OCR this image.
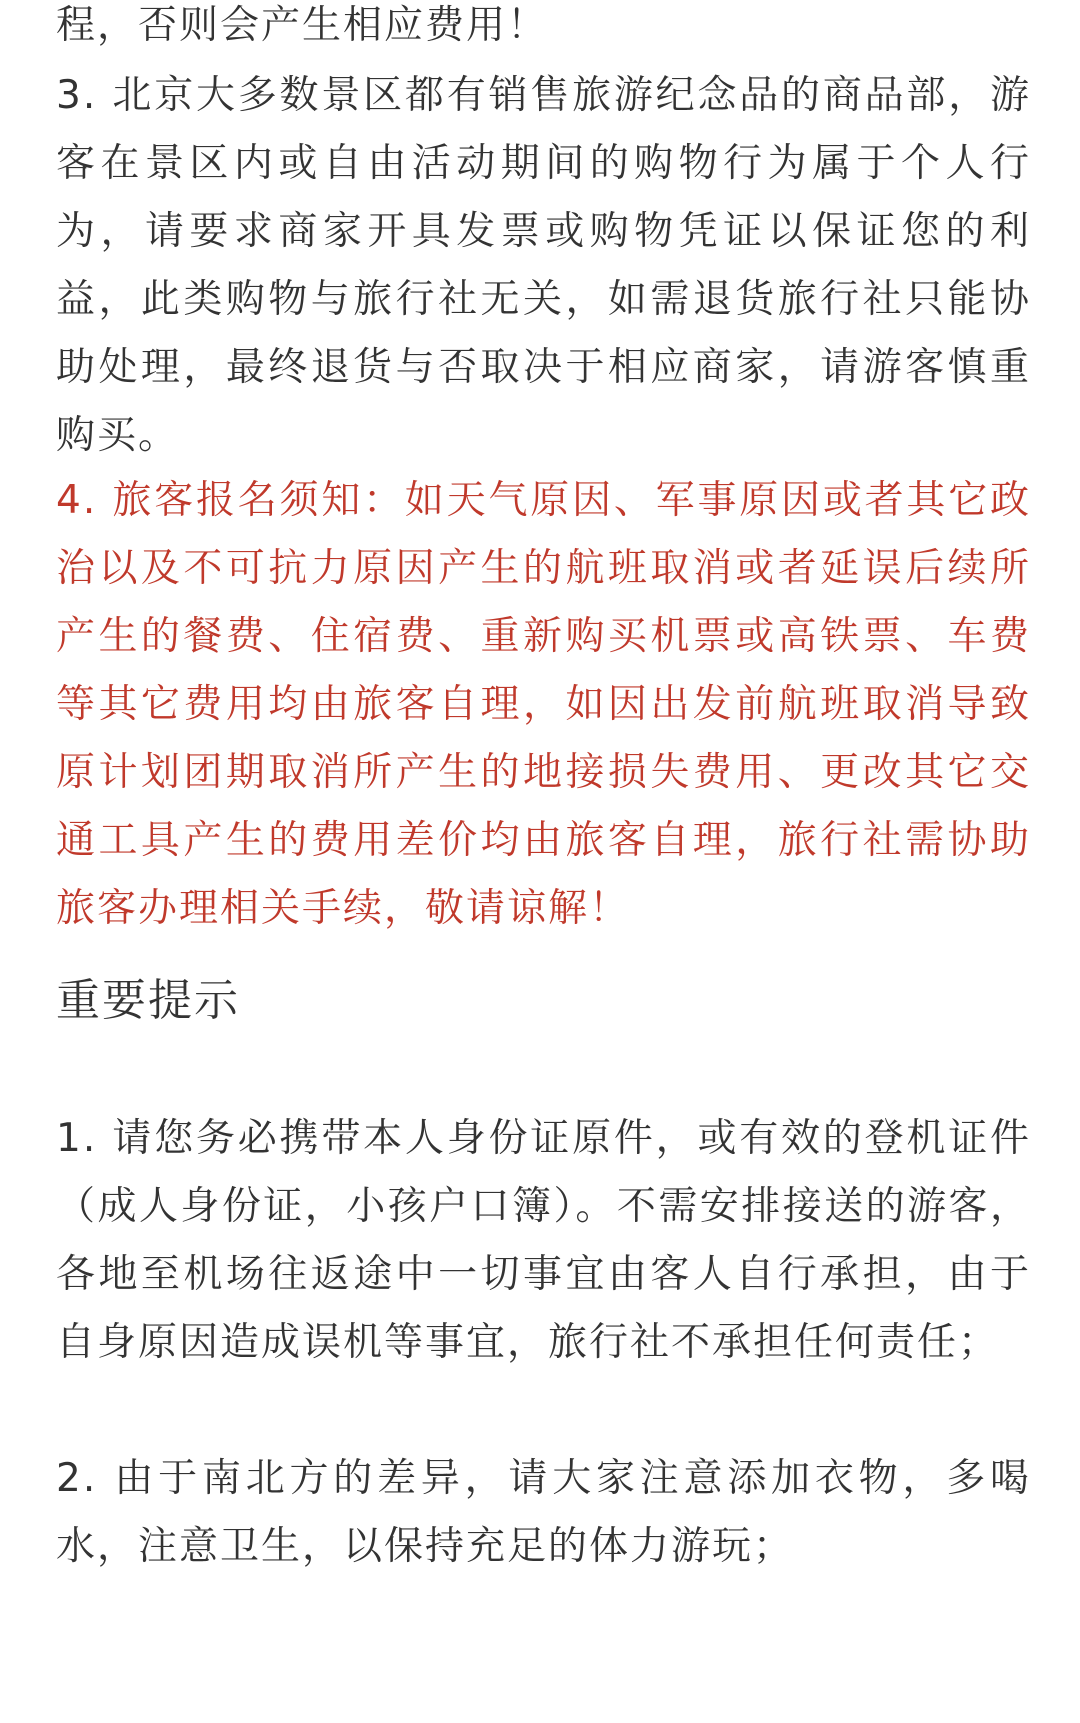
程，否则会产生相应费用！

3. 北京大多数景区都有销售旅游纪念品的商品部，游客在景区内或自由活动期间的购物行为属于个人行为，请要求商家开具发票或购物凭证以保证您的利益，此类购物与旅行社无关，如需退货旅行社只能协助处理，最终退货与否取决于相应商家，请游客慎重购买。

4. 旅客报名须知：如天气原因、军事原因或者其它政治以及不可抗力原因产生的航班取消或者延误后续所产生的餐费、住宿费、重新购买机票或高铁票、车费等其它费用均由旅客自理，如因出发前航班取消导致原计划团期取消所产生的地接损失费用、更改其它交通工具产生的费用差价均由旅客自理，旅行社需协助旅客办理相关手续，敬请谅解！

重要提示

1. 请您务必携带本人身份证原件，或有效的登机证件（成人身份证，小孩户口簿）。不需安排接送的游客，各地至机场往返途中一切事宜由客人自行承担，由于自身原因造成误机等事宜，旅行社不承担任何责任；

2. 由于南北方的差异，请大家注意添加衣物，多喝水，注意卫生，以保持充足的体力游玩；
